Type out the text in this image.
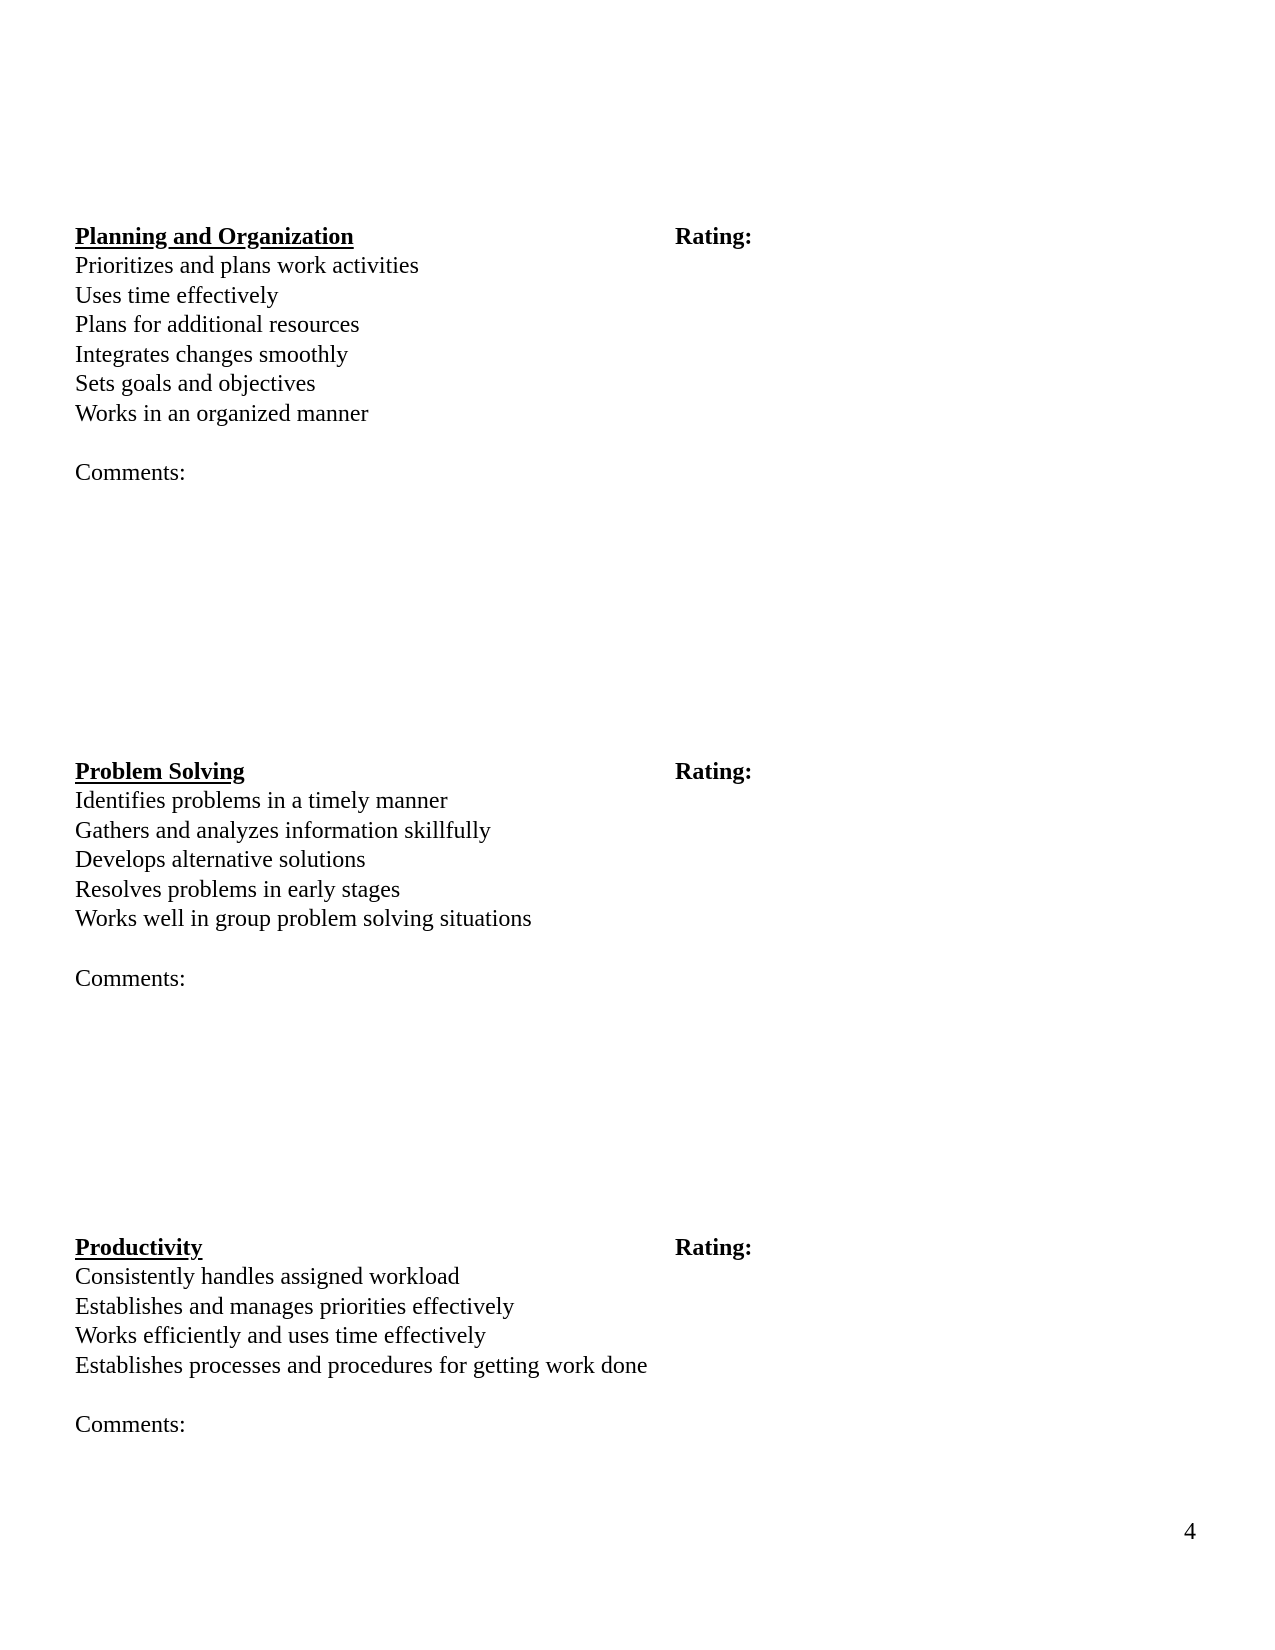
Planning and Organization	Rating:
Prioritizes and plans work activities
Uses time effectively
Plans for additional resources
Integrates changes smoothly
Sets goals and objectives
Works in an organized manner
Comments:
Problem Solving	Rating:
Identifies problems in a timely manner
Gathers and analyzes information skillfully
Develops alternative solutions
Resolves problems in early stages
Works well in group problem solving situations
Comments:
Productivity	Rating:
Consistently handles assigned workload
Establishes and manages priorities effectively
Works efficiently and uses time effectively
Establishes processes and procedures for getting work done
Comments:
4
